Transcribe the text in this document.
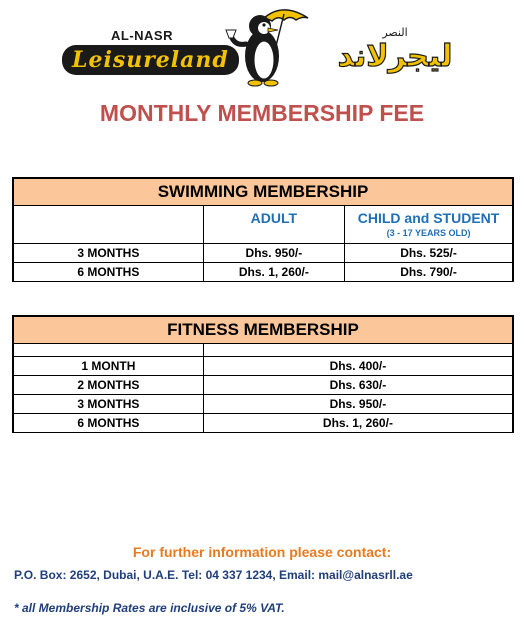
AL-NASR
Leisureland
النصر
ليجرلاند
MONTHLY MEMBERSHIP FEE
SWIMMING MEMBERSHIP		
	ADULT	CHILD and STUDENT
(3 - 17 YEARS OLD)

3 MONTHS	Dhs. 950/-	Dhs. 525/-
6 MONTHS	Dhs. 1, 260/-	Dhs. 790/-
FITNESS MEMBERSHIP	

1 MONTH	Dhs. 400/-
2 MONTHS	Dhs. 630/-
3 MONTHS	Dhs. 950/-
6 MONTHS	Dhs. 1, 260/-
For further information please contact:
P.O. Box: 2652, Dubai, U.A.E. Tel: 04 337 1234, Email: mail@alnasrll.ae
* all Membership Rates are inclusive of 5% VAT.
